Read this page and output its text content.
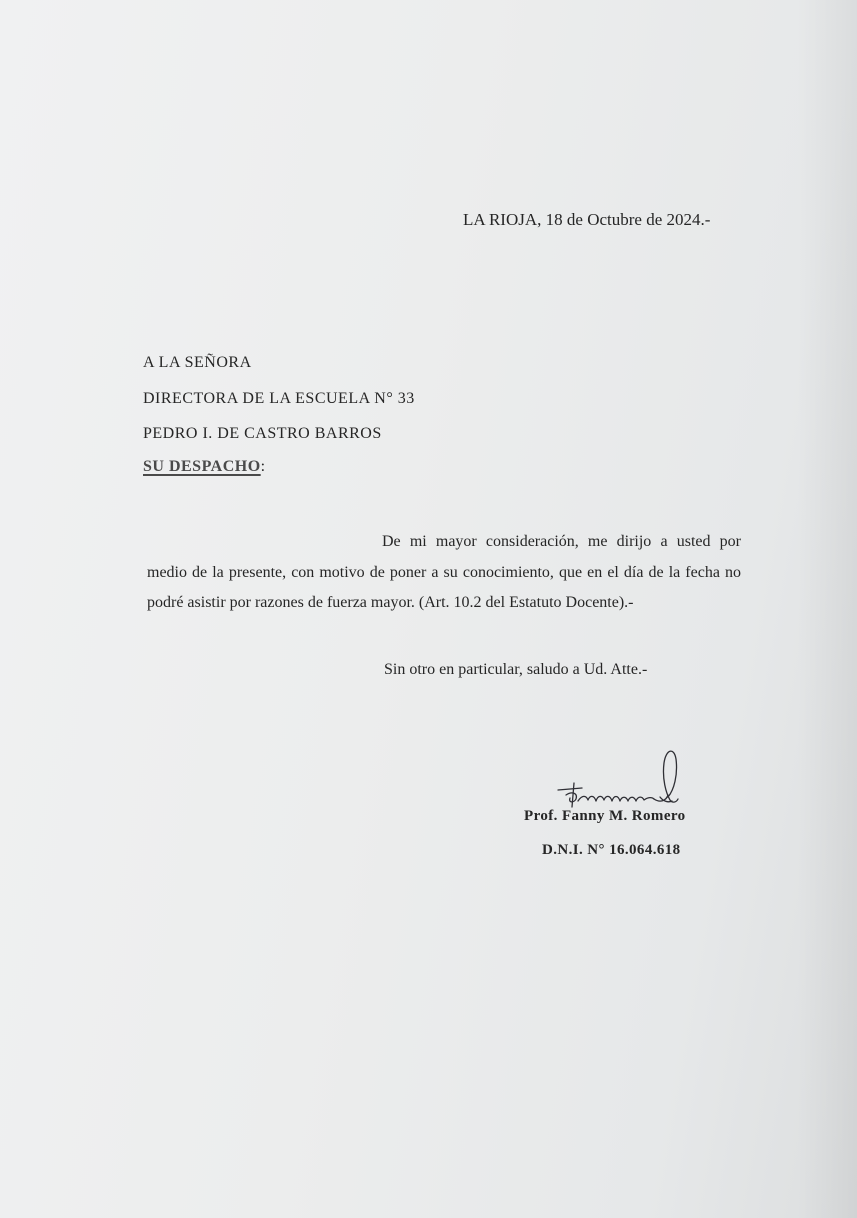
LA RIOJA, 18 de Octubre de 2024.-
A LA SEÑORA
DIRECTORA DE LA ESCUELA N° 33
PEDRO I. DE CASTRO BARROS
SU DESPACHO:

De mi mayor consideración, me dirijo a usted por medio de la presente, con motivo de poner a su conocimiento, que en el día de la fecha no podré asistir por razones de fuerza mayor. (Art. 10.2 del Estatuto Docente).-

Sin otro en particular, saludo a Ud. Atte.-
Prof. Fanny M. Romero
D.N.I. N° 16.064.618
